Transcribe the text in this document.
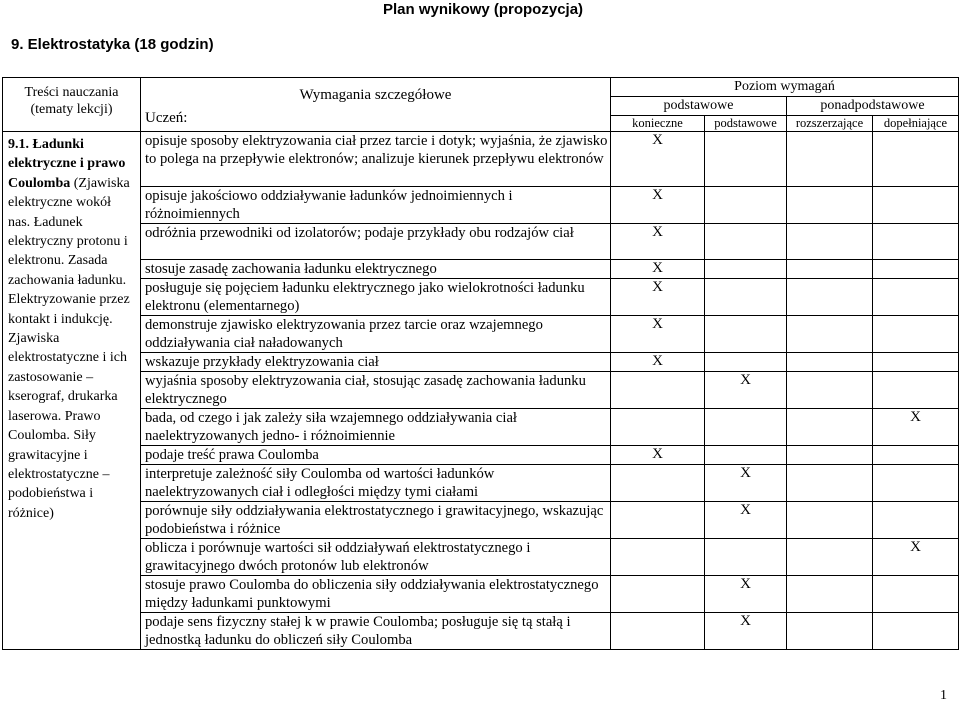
Plan wynikowy (propozycja)
9. Elektrostatyka (18 godzin)
Treści nauczania (tematy lekcji)	Wymagania szczegółowe
Uczeń:	Poziom wymagań			
		podstawowe		ponadpodstawowe	
		konieczne	podstawowe	rozszerzające	dopełniające
9.1. Ładunki elektryczne i prawo Coulomba (Zjawiska elektryczne wokół nas. Ładunek elektryczny protonu i elektronu. Zasada zachowania ładunku. Elektryzowanie przez kontakt i indukcję. Zjawiska elektrostatyczne i ich zastosowanie – kserograf, drukarka laserowa. Prawo Coulomba. Siły grawitacyjne i elektrostatyczne – podobieństwa i różnice)	opisuje sposoby elektryzowania ciał przez tarcie i dotyk; wyjaśnia, że zjawisko to polega na przepływie elektronów; analizuje kierunek przepływu elektronów	X			
	opisuje jakościowo oddziaływanie ładunków jednoimiennych i różnoimiennych	X			
	odróżnia przewodniki od izolatorów; podaje przykłady obu rodzajów ciał	X			
	stosuje zasadę zachowania ładunku elektrycznego	X			
	posługuje się pojęciem ładunku elektrycznego jako wielokrotności ładunku elektronu (elementarnego)	X			
	demonstruje zjawisko elektryzowania przez tarcie oraz wzajemnego oddziaływania ciał naładowanych	X			
	wskazuje przykłady elektryzowania ciał	X			
	wyjaśnia sposoby elektryzowania ciał, stosując zasadę zachowania ładunku elektrycznego		X		
	bada, od czego i jak zależy siła wzajemnego oddziaływania ciał naelektryzowanych jedno- i różnoimiennie				X
	podaje treść prawa Coulomba	X			
	interpretuje zależność siły Coulomba od wartości ładunków naelektryzowanych ciał i odległości między tymi ciałami		X		
	porównuje siły oddziaływania elektrostatycznego i grawitacyjnego, wskazując podobieństwa i różnice		X		
	oblicza i porównuje wartości sił oddziaływań elektrostatycznego i grawitacyjnego dwóch protonów lub elektronów				X
	stosuje prawo Coulomba do obliczenia siły oddziaływania elektrostatycznego między ładunkami punktowymi		X		
	podaje sens fizyczny stałej k w prawie Coulomba; posługuje się tą stałą i jednostką ładunku do obliczeń siły Coulomba		X		
1
